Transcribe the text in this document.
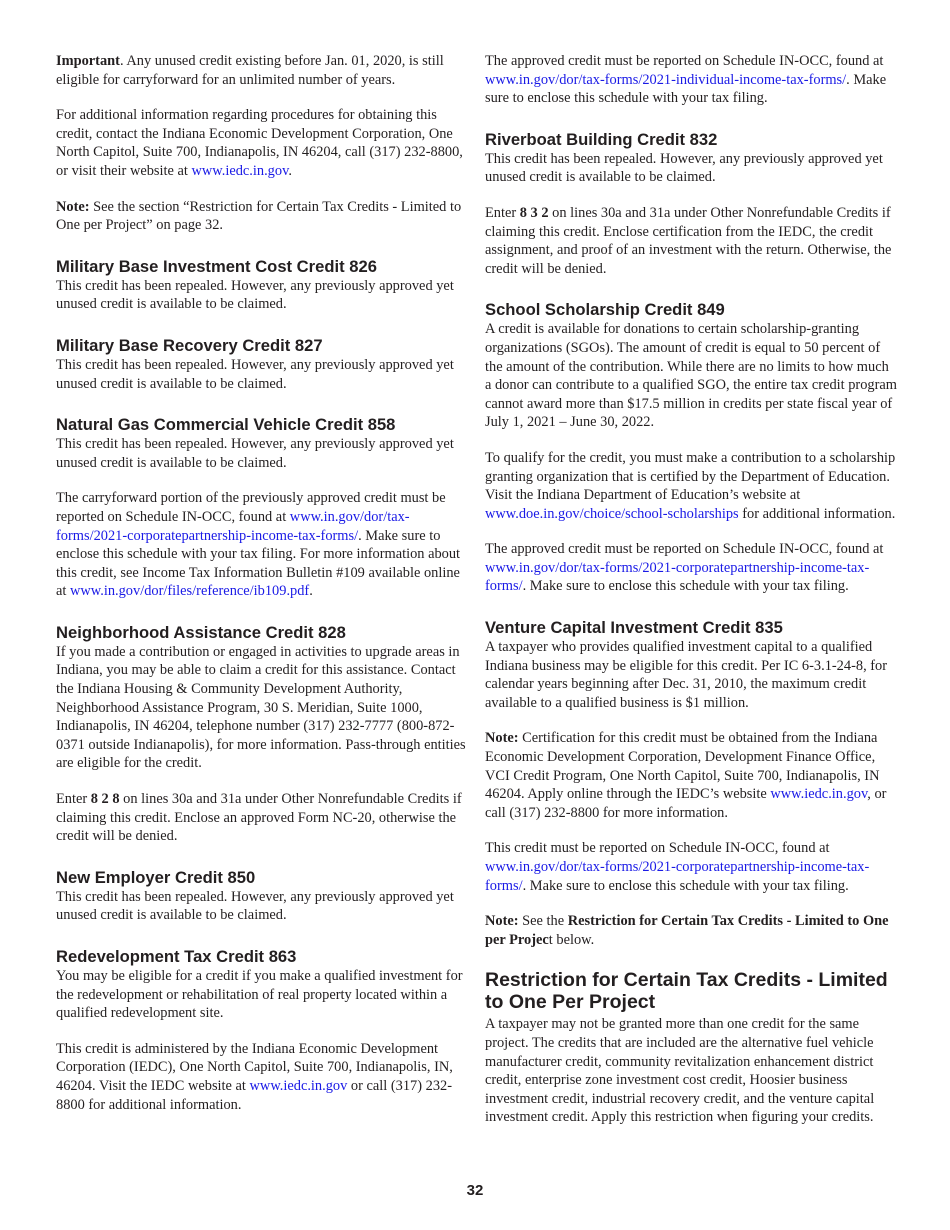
Important. Any unused credit existing before Jan. 01, 2020, is still eligible for carryforward for an unlimited number of years.

For additional information regarding procedures for obtaining this credit, contact the Indiana Economic Development Corporation, One North Capitol, Suite 700, Indianapolis, IN 46204, call (317) 232-8800, or visit their website at www.iedc.in.gov.

Note: See the section “Restriction for Certain Tax Credits - Limited to One per Project” on page 32.

Military Base Investment Cost Credit 826

This credit has been repealed. However, any previously approved yet unused credit is available to be claimed.

Military Base Recovery Credit 827

This credit has been repealed. However, any previously approved yet unused credit is available to be claimed.

Natural Gas Commercial Vehicle Credit 858

This credit has been repealed. However, any previously approved yet unused credit is available to be claimed.

The carryforward portion of the previously approved credit must be reported on Schedule IN-OCC, found at www.in.gov/dor/tax-forms/2021-corporatepartnership-income-tax-forms/. Make sure to enclose this schedule with your tax filing. For more information about this credit, see Income Tax Information Bulletin #109 available online at www.in.gov/dor/files/reference/ib109.pdf.

Neighborhood Assistance Credit 828

If you made a contribution or engaged in activities to upgrade areas in Indiana, you may be able to claim a credit for this assistance. Contact the Indiana Housing & Community Development Authority, Neighborhood Assistance Program, 30 S. Meridian, Suite 1000, Indianapolis, IN 46204, telephone number (317) 232-7777 (800-872-0371 outside Indianapolis), for more information. Pass-through entities are eligible for the credit.

Enter 8 2 8 on lines 30a and 31a under Other Nonrefundable Credits if claiming this credit. Enclose an approved Form NC-20, otherwise the credit will be denied.

New Employer Credit 850

This credit has been repealed. However, any previously approved yet unused credit is available to be claimed.

Redevelopment Tax Credit 863

You may be eligible for a credit if you make a qualified investment for the redevelopment or rehabilitation of real property located within a qualified redevelopment site.

This credit is administered by the Indiana Economic Development Corporation (IEDC), One North Capitol, Suite 700, Indianapolis, IN, 46204. Visit the IEDC website at www.iedc.in.gov or call (317) 232-8800 for additional information.

The approved credit must be reported on Schedule IN-OCC, found at www.in.gov/dor/tax-forms/2021-individual-income-tax-forms/. Make sure to enclose this schedule with your tax filing.

Riverboat Building Credit 832

This credit has been repealed. However, any previously approved yet unused credit is available to be claimed.

Enter 8 3 2 on lines 30a and 31a under Other Nonrefundable Credits if claiming this credit. Enclose certification from the IEDC, the credit assignment, and proof of an investment with the return. Otherwise, the credit will be denied.

School Scholarship Credit 849

A credit is available for donations to certain scholarship-granting organizations (SGOs). The amount of credit is equal to 50 percent of the amount of the contribution. While there are no limits to how much a donor can contribute to a qualified SGO, the entire tax credit program cannot award more than $17.5 million in credits per state fiscal year of July 1, 2021 – June 30, 2022.

To qualify for the credit, you must make a contribution to a scholarship granting organization that is certified by the Department of Education. Visit the Indiana Department of Education’s website at www.doe.in.gov/choice/school-scholarships for additional information.

The approved credit must be reported on Schedule IN-OCC, found at www.in.gov/dor/tax-forms/2021-corporatepartnership-income-tax-forms/. Make sure to enclose this schedule with your tax filing.

Venture Capital Investment Credit 835

A taxpayer who provides qualified investment capital to a qualified Indiana business may be eligible for this credit. Per IC 6-3.1-24-8, for calendar years beginning after Dec. 31, 2010, the maximum credit available to a qualified business is $1 million.

Note: Certification for this credit must be obtained from the Indiana Economic Development Corporation, Development Finance Office, VCI Credit Program, One North Capitol, Suite 700, Indianapolis, IN 46204. Apply online through the IEDC’s website www.iedc.in.gov, or call (317) 232-8800 for more information.

This credit must be reported on Schedule IN-OCC, found at www.in.gov/dor/tax-forms/2021-corporatepartnership-income-tax-forms/. Make sure to enclose this schedule with your tax filing.

Note: See the Restriction for Certain Tax Credits - Limited to One per Project below.

Restriction for Certain Tax Credits - Limited to One Per Project

A taxpayer may not be granted more than one credit for the same project. The credits that are included are the alternative fuel vehicle manufacturer credit, community revitalization enhancement district credit, enterprise zone investment cost credit, Hoosier business investment credit, industrial recovery credit, and the venture capital investment credit. Apply this restriction when figuring your credits.

32
